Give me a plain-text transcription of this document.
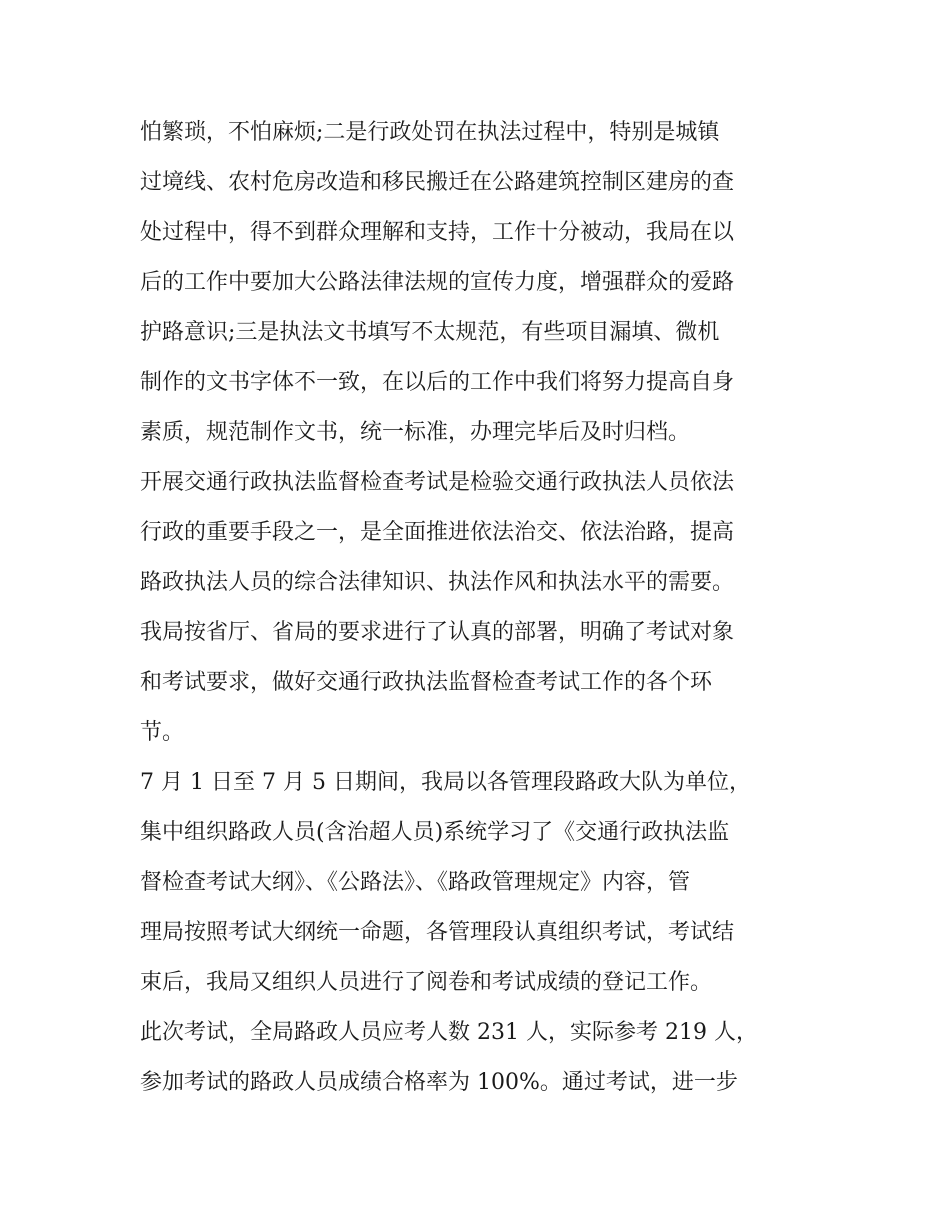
怕繁琐，不怕麻烦;二是行政处罚在执法过程中，特别是城镇
过境线、农村危房改造和移民搬迁在公路建筑控制区建房的查
处过程中，得不到群众理解和支持，工作十分被动，我局在以
后的工作中要加大公路法律法规的宣传力度，增强群众的爱路
护路意识;三是执法文书填写不太规范，有些项目漏填、微机
制作的文书字体不一致，在以后的工作中我们将努力提高自身
素质，规范制作文书，统一标准，办理完毕后及时归档。
开展交通行政执法监督检查考试是检验交通行政执法人员依法
行政的重要手段之一，是全面推进依法治交、依法治路，提高
路政执法人员的综合法律知识、执法作风和执法水平的需要。
我局按省厅、省局的要求进行了认真的部署，明确了考试对象
和考试要求，做好交通行政执法监督检查考试工作的各个环
节。
7 月 1 日至 7 月 5 日期间，我局以各管理段路政大队为单位，
集中组织路政人员(含治超人员)系统学习了《交通行政执法监
督检查考试大纲》、《公路法》、《路政管理规定》内容，管
理局按照考试大纲统一命题，各管理段认真组织考试，考试结
束后，我局又组织人员进行了阅卷和考试成绩的登记工作。
此次考试，全局路政人员应考人数 231 人，实际参考 219 人，
参加考试的路政人员成绩合格率为 100%。通过考试，进一步
